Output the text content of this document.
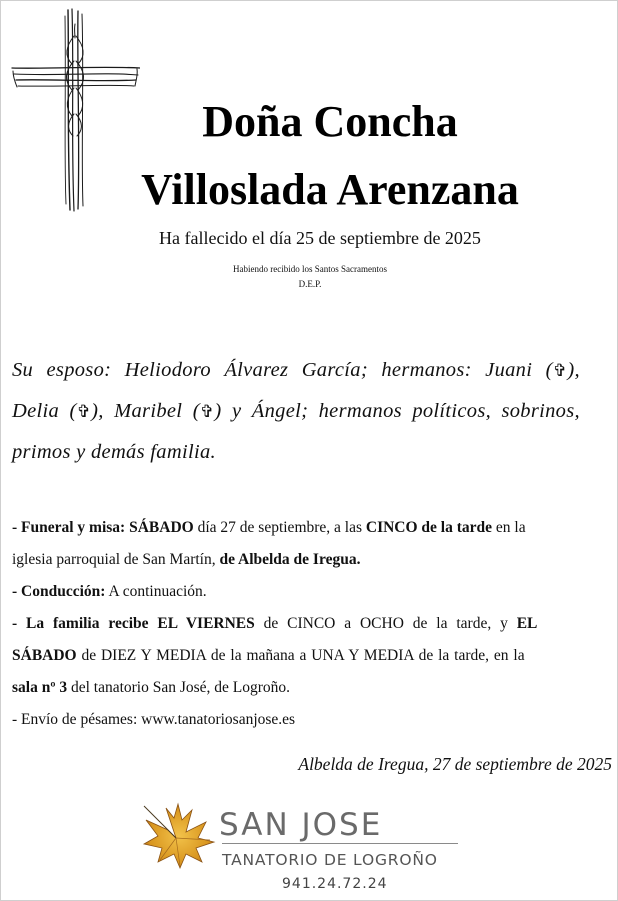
Doña Concha
Villoslada Arenzana
Ha fallecido el día 25 de septiembre de 2025
Habiendo recibido los Santos Sacramentos
D.E.P.
Su esposo: Heliodoro Álvarez García; hermanos: Juani (✞),
Delia (✞), Maribel (✞) y Ángel; hermanos políticos, sobrinos,
primos y demás familia.
- Funeral y misa: SÁBADO día 27 de septiembre, a las CINCO de la tarde en la
iglesia parroquial de San Martín, de Albelda de Iregua.
- Conducción: A continuación.
- La familia recibe EL VIERNES de CINCO a OCHO de la tarde, y EL
SÁBADO de DIEZ Y MEDIA de la mañana a UNA Y MEDIA de la tarde, en la
sala nº 3 del tanatorio San José, de Logroño.
- Envío de pésames: www.tanatoriosanjose.es
Albelda de Iregua, 27 de septiembre de 2025
SAN JOSE
TANATORIO DE LOGROÑO
941.24.72.24
